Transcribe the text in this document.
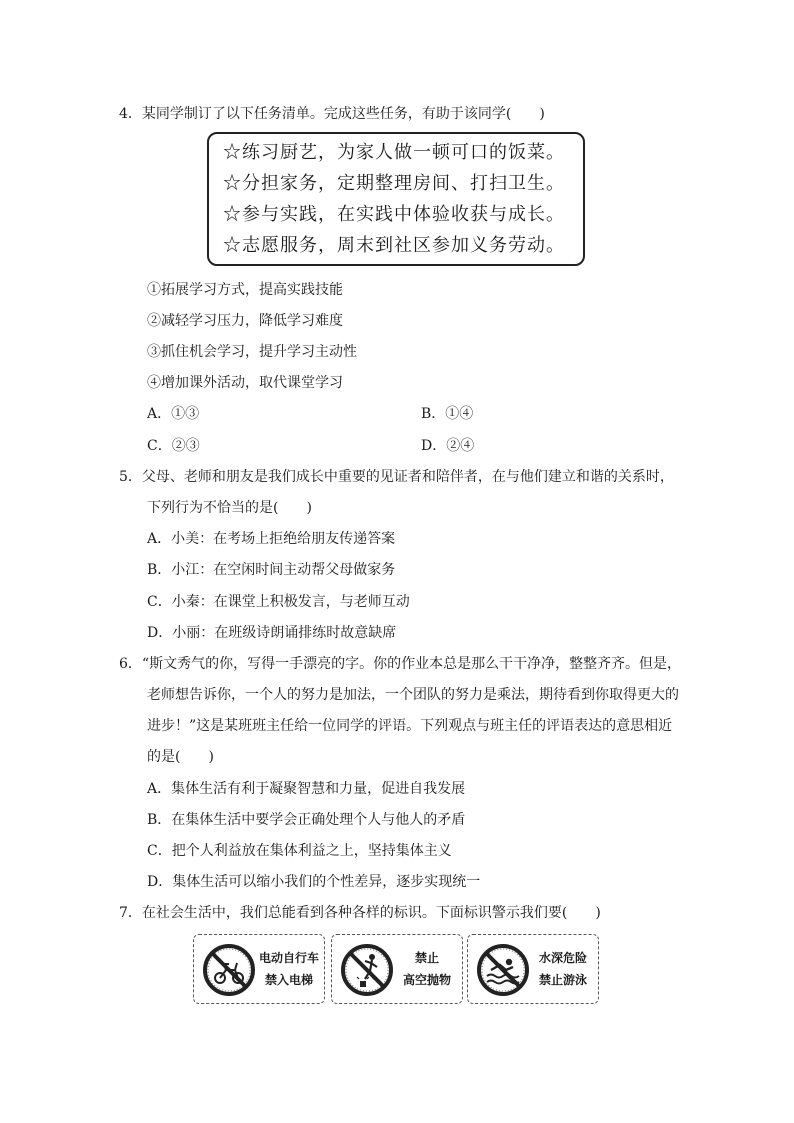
4．某同学制订了以下任务清单。完成这些任务，有助于该同学(　　)
☆练习厨艺，为家人做一顿可口的饭菜。
☆分担家务，定期整理房间、打扫卫生。
☆参与实践，在实践中体验收获与成长。
☆志愿服务，周末到社区参加义务劳动。
①拓展学习方式，提高实践技能
②减轻学习压力，降低学习难度
③抓住机会学习，提升学习主动性
④增加课外活动，取代课堂学习
A．①③	B．①④
C．②③	D．②④
5．父母、老师和朋友是我们成长中重要的见证者和陪伴者，在与他们建立和谐的关系时，
下列行为不恰当的是(　　)
A．小美：在考场上拒绝给朋友传递答案
B．小江：在空闲时间主动帮父母做家务
C．小秦：在课堂上积极发言，与老师互动
D．小丽：在班级诗朗诵排练时故意缺席
6．“斯文秀气的你，写得一手漂亮的字。你的作业本总是那么干干净净，整整齐齐。但是，
老师想告诉你，一个人的努力是加法，一个团队的努力是乘法，期待看到你取得更大的
进步！”这是某班班主任给一位同学的评语。下列观点与班主任的评语表达的意思相近
的是(　　)
A．集体生活有利于凝聚智慧和力量，促进自我发展
B．在集体生活中要学会正确处理个人与他人的矛盾
C．把个人利益放在集体利益之上，坚持集体主义
D．集体生活可以缩小我们的个性差异，逐步实现统一
7．在社会生活中，我们总能看到各种各样的标识。下面标识警示我们要(　　)
电动自行车
禁入电梯
禁止
高空抛物
水深危险
禁止游泳
